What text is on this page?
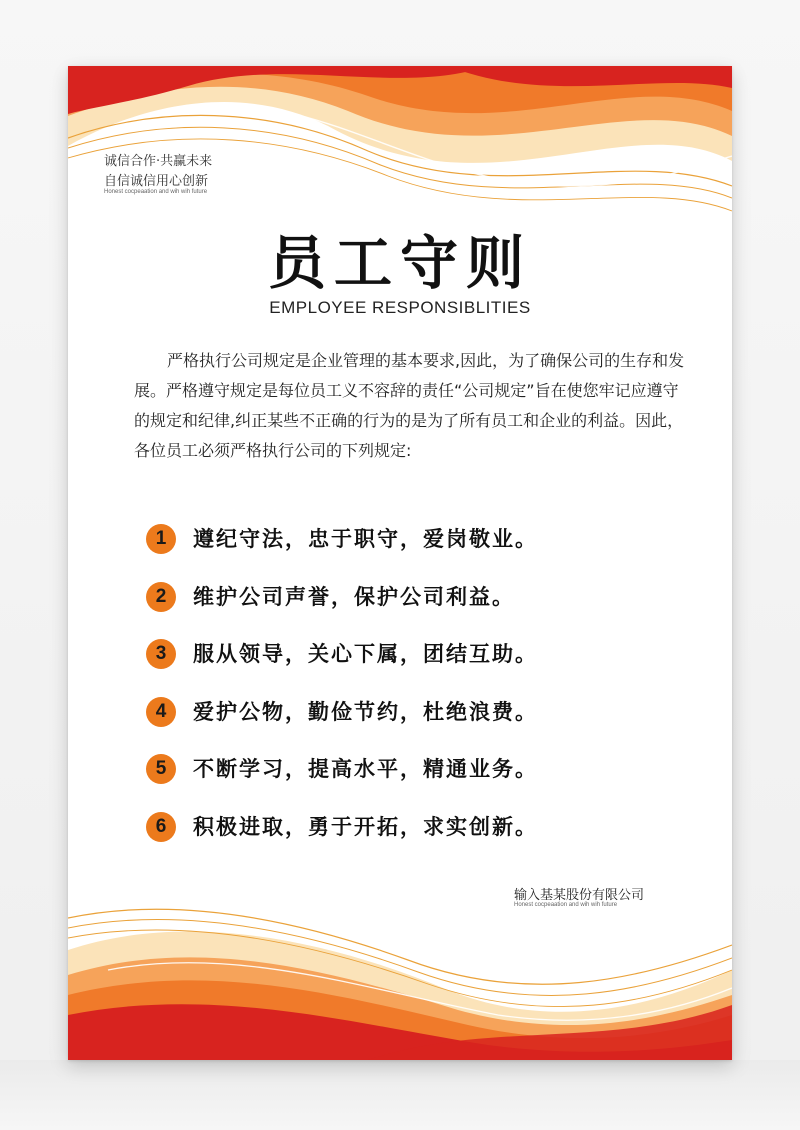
诚信合作·共赢未来
自信诚信用心创新
Honest cocpeaation and wih wih future
员工守则
EMPLOYEE RESPONSIBLITIES

严格执行公司规定是企业管理的基本要求,因此，为了确保公司的生存和发展。严格遵守规定是每位员工义不容辞的责任“公司规定”旨在使您牢记应遵守的规定和纪律,纠正某些不正确的行为的是为了所有员工和企业的利益。因此，各位员工必须严格执行公司的下列规定:

1	遵纪守法，忠于职守，爱岗敬业。
2	维护公司声誉，保护公司利益。
3	服从领导，关心下属，团结互助。
4	爱护公物，勤俭节约，杜绝浪费。
5	不断学习，提高水平，精通业务。
6	积极进取，勇于开拓，求实创新。
输入基某股份有限公司
Honest cocpeaation and wih wih future
